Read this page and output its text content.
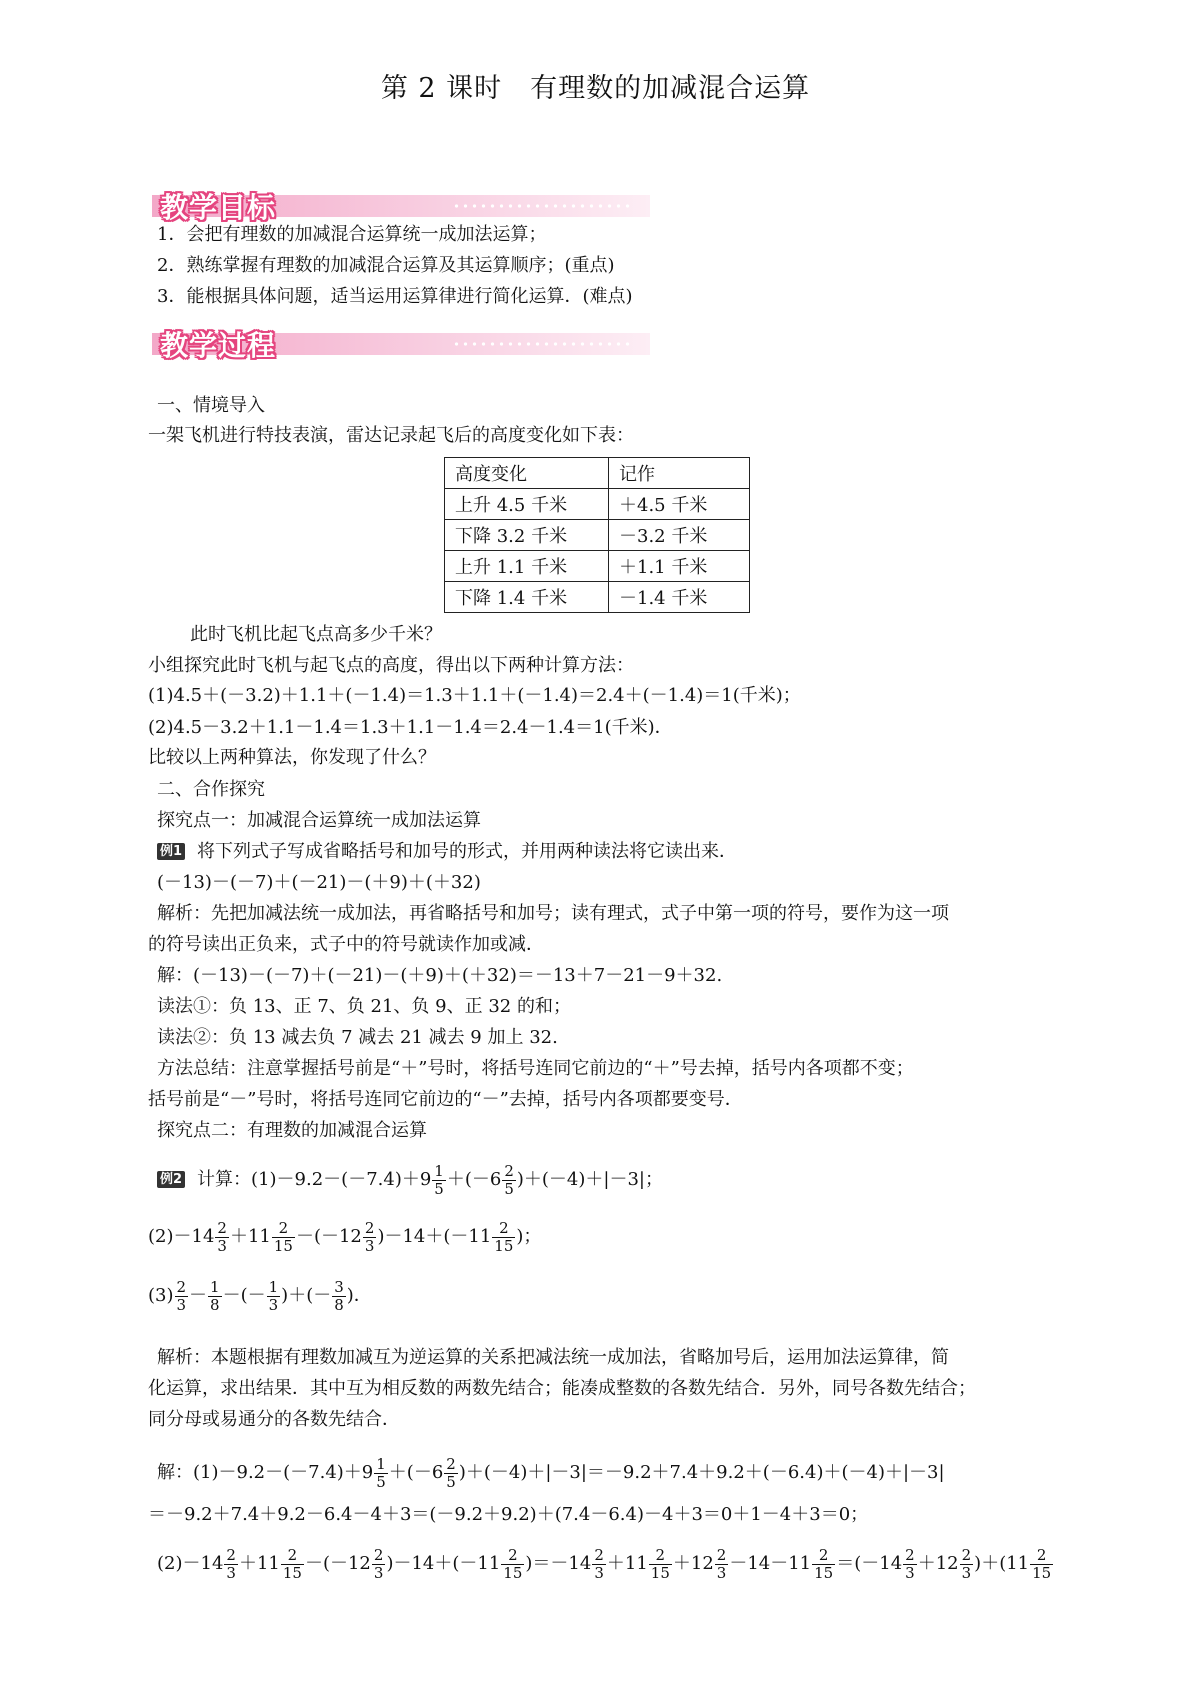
第 2 课时　有理数的加减混合运算
教学目标
1．会把有理数的加减混合运算统一成加法运算；
2．熟练掌握有理数的加减混合运算及其运算顺序；(重点)
3．能根据具体问题，适当运用运算律进行简化运算．(难点)
教学过程
一、情境导入
一架飞机进行特技表演，雷达记录起飞后的高度变化如下表：
高度变化	记作
上升 4.5 千米	＋4.5 千米
下降 3.2 千米	－3.2 千米
上升 1.1 千米	＋1.1 千米
下降 1.4 千米	－1.4 千米
此时飞机比起飞点高多少千米？
小组探究此时飞机与起飞点的高度，得出以下两种计算方法：
(1)4.5＋(－3.2)＋1.1＋(－1.4)＝1.3＋1.1＋(－1.4)＝2.4＋(－1.4)＝1(千米)；
(2)4.5－3.2＋1.1－1.4＝1.3＋1.1－1.4＝2.4－1.4＝1(千米)．
比较以上两种算法，你发现了什么？
二、合作探究
探究点一：加减混合运算统一成加法运算
例1 将下列式子写成省略括号和加号的形式，并用两种读法将它读出来．
(－13)－(－7)＋(－21)－(＋9)＋(＋32)
解析：先把加减法统一成加法，再省略括号和加号；读有理式，式子中第一项的符号，要作为这一项
的符号读出正负来，式子中的符号就读作加或减．
解：(－13)－(－7)＋(－21)－(＋9)＋(＋32)＝－13＋7－21－9＋32.
读法①：负 13、正 7、负 21、负 9、正 32 的和；
读法②：负 13 减去负 7 减去 21 减去 9 加上 32.
方法总结：注意掌握括号前是“＋”号时，将括号连同它前边的“＋”号去掉，括号内各项都不变；
括号前是“－”号时，将括号连同它前边的“－”去掉，括号内各项都要变号．
探究点二：有理数的加减混合运算
例2 计算：$(1)-9.2-(-7.4)+9 \frac{1}{5} +(-6 \frac{2}{5} )+(-4)+|-3|$；
$(2)-14 \frac{2}{3} +11 \frac{2}{15} -(-12 \frac{2}{3} )-14+(-11 \frac{2}{15}$ )；
$(3) \frac{2}{3} - \frac{1}{8}$ －(－ $\frac{1}{3}$ )＋(－ $\frac{3}{8}$ )．
解析：本题根据有理数加减互为逆运算的关系把减法统一成加法，省略加号后，运用加法运算律，简
化运算，求出结果．其中互为相反数的两数先结合；能凑成整数的各数先结合．另外，同号各数先结合；
同分母或易通分的各数先结合．
解：$(1)-9.2-(-7.4)+9 \frac{1}{5} +(-6 \frac{2}{5} )+(-4)+|-3|=-9.2+7.4+9.2+(-6.4)+(-4)+|-3|$
＝－9.2＋7.4＋9.2－6.4－4＋3＝(－9.2＋9.2)＋(7.4－6.4)－4＋3＝0＋1－4＋3＝0；
$(2)-14 \frac{2}{3} +11 \frac{2}{15} -(-12 \frac{2}{3} )-14+(-11 \frac{2}{15} )=-14 \frac{2}{3} +11 \frac{2}{15} +12 \frac{2}{3} -14-11 \frac{2}{15} =(-14 \frac{2}{3} +12 \frac{2}{3} )+(11 \frac{2}{15}$
